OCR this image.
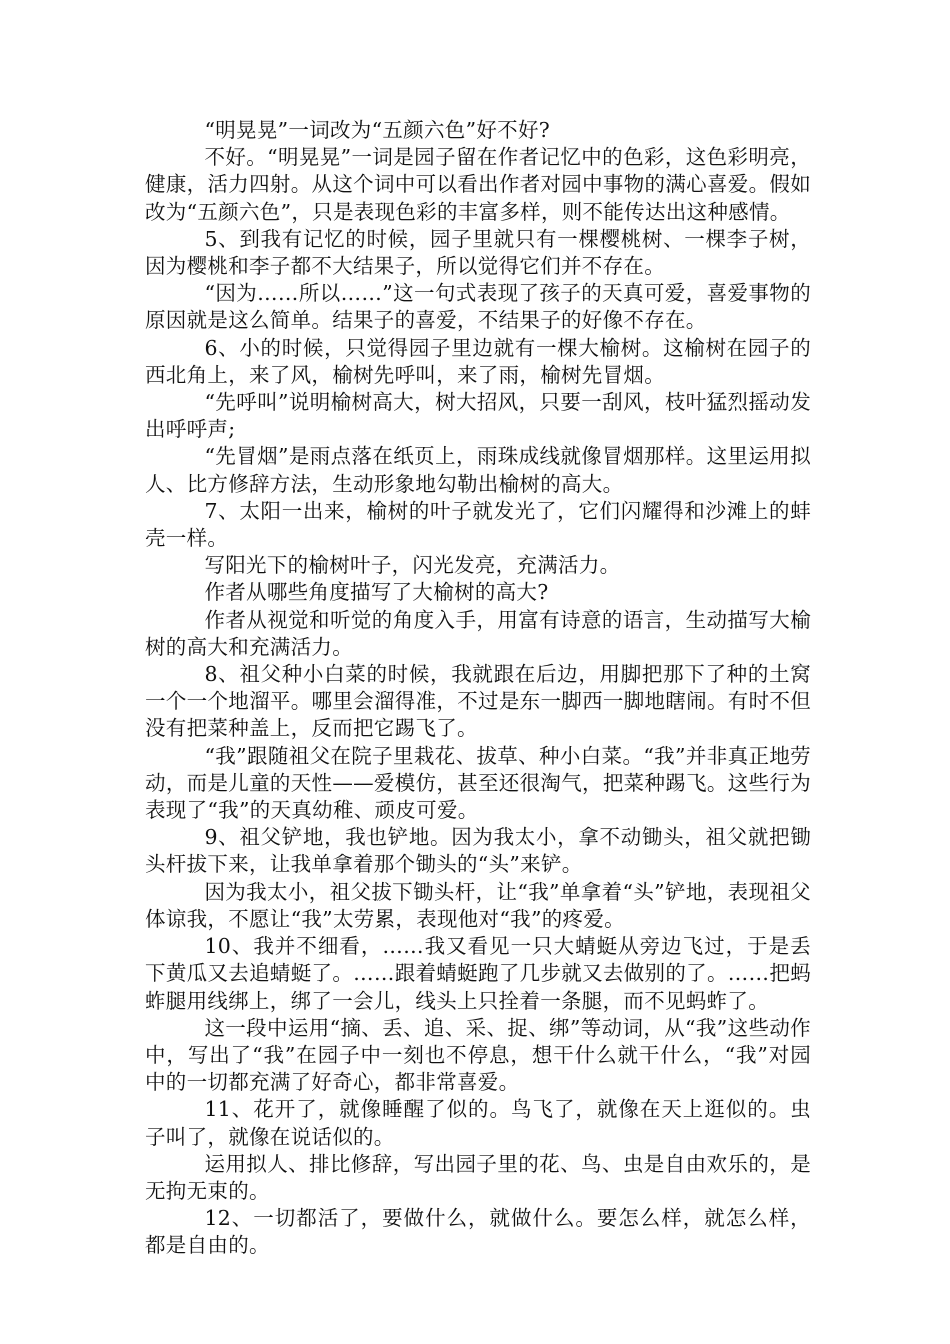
“明晃晃”一词改为“五颜六色”好不好?

不好。“明晃晃”一词是园子留在作者记忆中的色彩，这色彩明亮，健康，活力四射。从这个词中可以看出作者对园中事物的满心喜爱。假如改为“五颜六色”，只是表现色彩的丰富多样，则不能传达出这种感情。

5、到我有记忆的时候，园子里就只有一棵樱桃树、一棵李子树，因为樱桃和李子都不大结果子，所以觉得它们并不存在。

“因为……所以……”这一句式表现了孩子的天真可爱，喜爱事物的原因就是这么简单。结果子的喜爱，不结果子的好像不存在。

6、小的时候，只觉得园子里边就有一棵大榆树。这榆树在园子的西北角上，来了风，榆树先呼叫，来了雨，榆树先冒烟。

“先呼叫”说明榆树高大，树大招风，只要一刮风，枝叶猛烈摇动发出呼呼声;

“先冒烟”是雨点落在纸页上，雨珠成线就像冒烟那样。这里运用拟人、比方修辞方法，生动形象地勾勒出榆树的高大。

7、太阳一出来，榆树的叶子就发光了，它们闪耀得和沙滩上的蚌壳一样。

写阳光下的榆树叶子，闪光发亮，充满活力。

作者从哪些角度描写了大榆树的高大?

作者从视觉和听觉的角度入手，用富有诗意的语言，生动描写大榆树的高大和充满活力。

8、祖父种小白菜的时候，我就跟在后边，用脚把那下了种的土窝一个一个地溜平。哪里会溜得准，不过是东一脚西一脚地瞎闹。有时不但没有把菜种盖上，反而把它踢飞了。

“我”跟随祖父在院子里栽花、拔草、种小白菜。“我”并非真正地劳动，而是儿童的天性——爱模仿，甚至还很淘气，把菜种踢飞。这些行为表现了“我”的天真幼稚、顽皮可爱。

9、祖父铲地，我也铲地。因为我太小，拿不动锄头，祖父就把锄头杆拔下来，让我单拿着那个锄头的“头”来铲。

因为我太小，祖父拔下锄头杆，让“我”单拿着“头”铲地，表现祖父体谅我，不愿让“我”太劳累，表现他对“我”的疼爱。

10、我并不细看，……我又看见一只大蜻蜓从旁边飞过，于是丢下黄瓜又去追蜻蜓了。……跟着蜻蜓跑了几步就又去做别的了。……把蚂蚱腿用线绑上，绑了一会儿，线头上只拴着一条腿，而不见蚂蚱了。

这一段中运用“摘、丢、追、采、捉、绑”等动词，从“我”这些动作中，写出了“我”在园子中一刻也不停息，想干什么就干什么，“我”对园中的一切都充满了好奇心，都非常喜爱。

11、花开了，就像睡醒了似的。鸟飞了，就像在天上逛似的。虫子叫了，就像在说话似的。

运用拟人、排比修辞，写出园子里的花、鸟、虫是自由欢乐的，是无拘无束的。

12、一切都活了，要做什么，就做什么。要怎么样，就怎么样，都是自由的。
